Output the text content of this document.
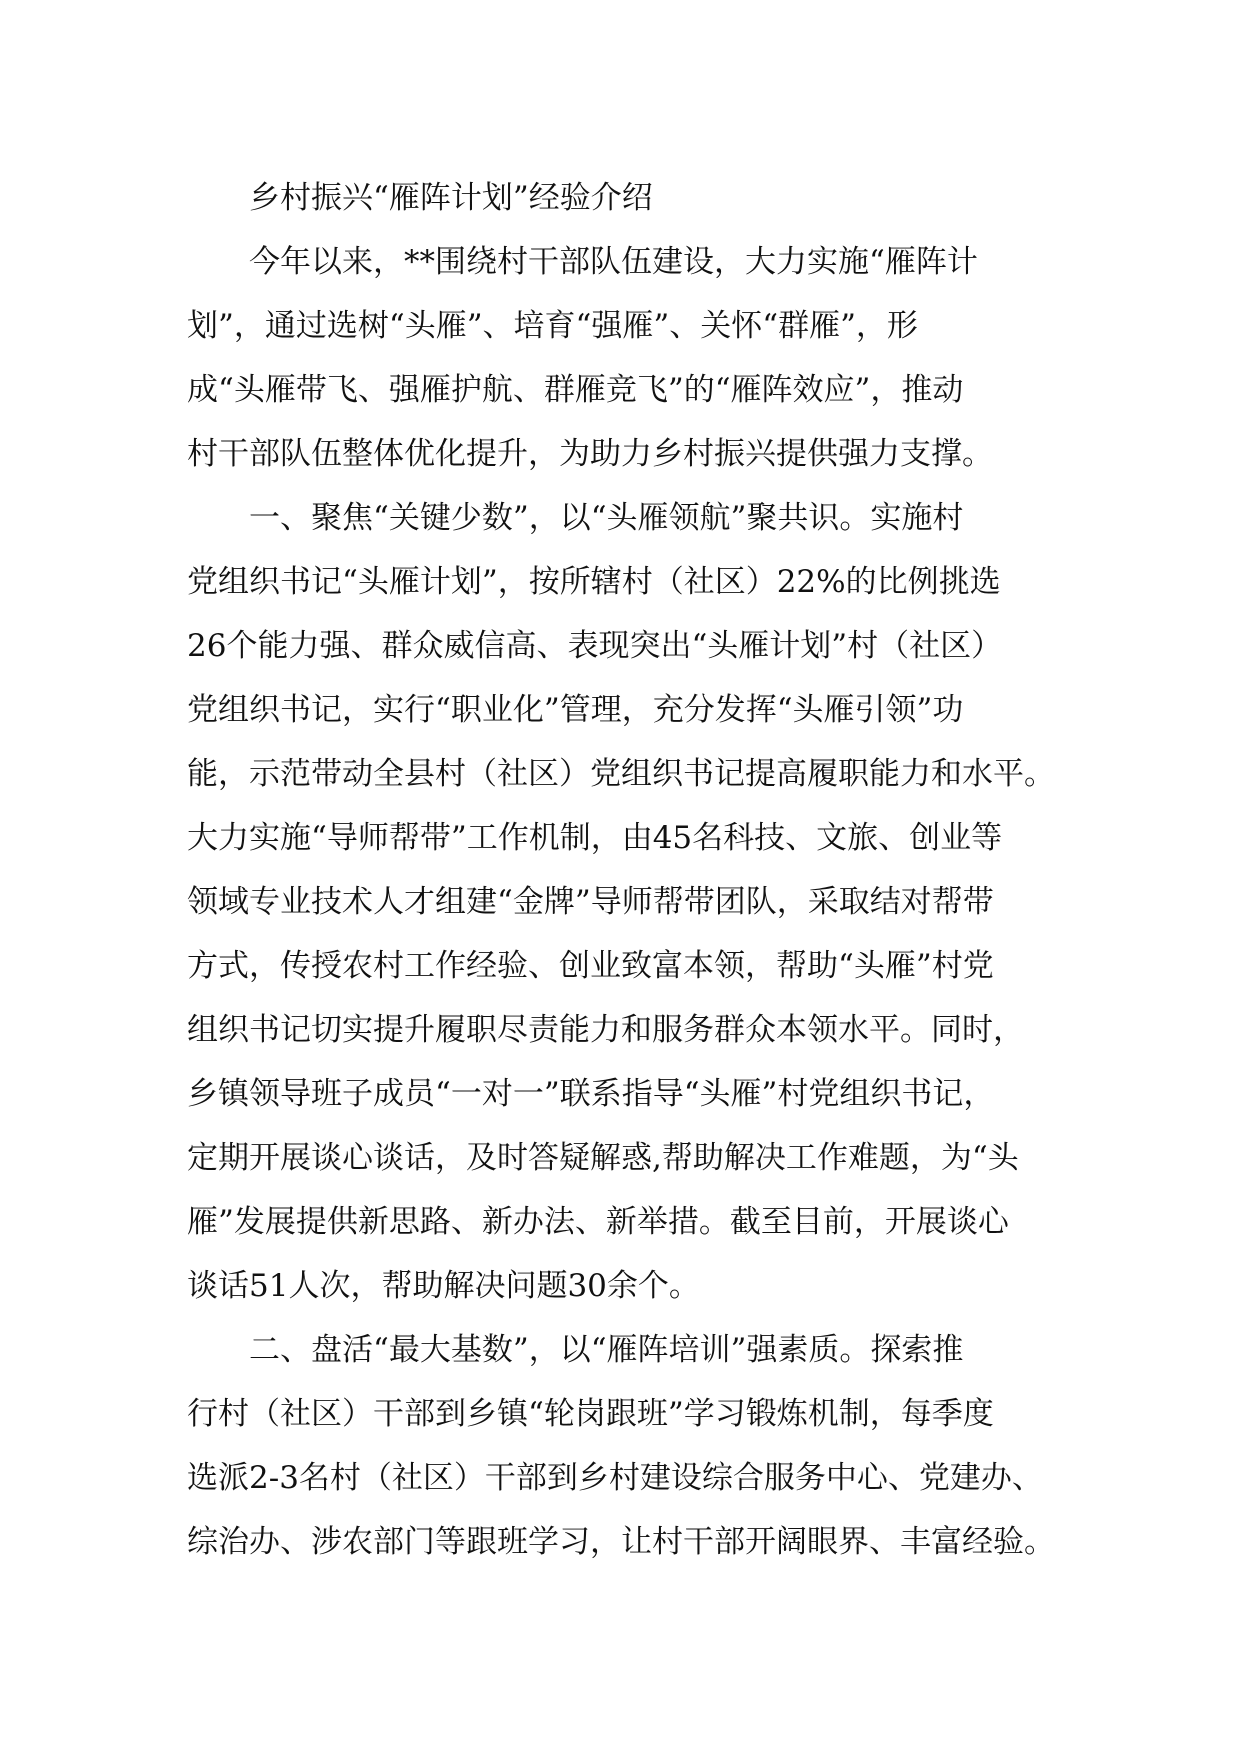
乡村振兴“雁阵计划”经验介绍
今年以来，**围绕村干部队伍建设，大力实施“雁阵计
划”，通过选树“头雁”、培育“强雁”、关怀“群雁”，形
成“头雁带飞、强雁护航、群雁竞飞”的“雁阵效应”，推动
村干部队伍整体优化提升，为助力乡村振兴提供强力支撑。
一、聚焦“关键少数”，以“头雁领航”聚共识。实施村
党组织书记“头雁计划”，按所辖村（社区）22%的比例挑选
26个能力强、群众威信高、表现突出“头雁计划”村（社区）
党组织书记，实行“职业化”管理，充分发挥“头雁引领”功
能，示范带动全县村（社区）党组织书记提高履职能力和水平。
大力实施“导师帮带”工作机制，由45名科技、文旅、创业等
领域专业技术人才组建“金牌”导师帮带团队，采取结对帮带
方式，传授农村工作经验、创业致富本领，帮助“头雁”村党
组织书记切实提升履职尽责能力和服务群众本领水平。同时，
乡镇领导班子成员“一对一”联系指导“头雁”村党组织书记，
定期开展谈心谈话，及时答疑解惑,帮助解决工作难题，为“头
雁”发展提供新思路、新办法、新举措。截至目前，开展谈心
谈话51人次，帮助解决问题30余个。
二、盘活“最大基数”，以“雁阵培训”强素质。探索推
行村（社区）干部到乡镇“轮岗跟班”学习锻炼机制，每季度
选派2-3名村（社区）干部到乡村建设综合服务中心、党建办、
综治办、涉农部门等跟班学习，让村干部开阔眼界、丰富经验。
